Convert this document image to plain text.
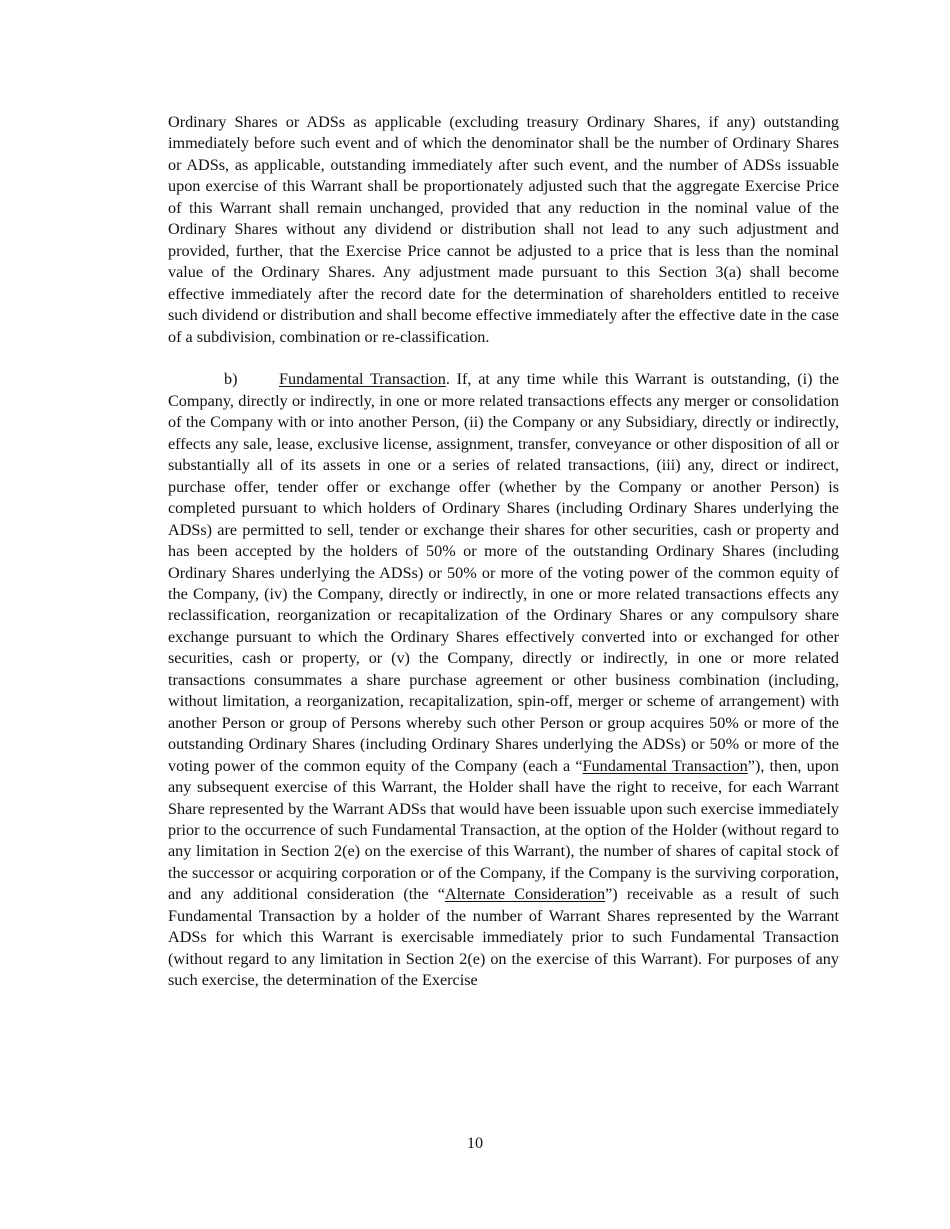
Ordinary Shares or ADSs as applicable (excluding treasury Ordinary Shares, if any) outstanding immediately before such event and of which the denominator shall be the number of Ordinary Shares or ADSs, as applicable, outstanding immediately after such event, and the number of ADSs issuable upon exercise of this Warrant shall be proportionately adjusted such that the aggregate Exercise Price of this Warrant shall remain unchanged, provided that any reduction in the nominal value of the Ordinary Shares without any dividend or distribution shall not lead to any such adjustment and provided, further, that the Exercise Price cannot be adjusted to a price that is less than the nominal value of the Ordinary Shares. Any adjustment made pursuant to this Section 3(a) shall become effective immediately after the record date for the determination of shareholders entitled to receive such dividend or distribution and shall become effective immediately after the effective date in the case of a subdivision, combination or re-classification.

b)	Fundamental Transaction. If, at any time while this Warrant is outstanding, (i) the Company, directly or indirectly, in one or more related transactions effects any merger or consolidation of the Company with or into another Person, (ii) the Company or any Subsidiary, directly or indirectly, effects any sale, lease, exclusive license, assignment, transfer, conveyance or other disposition of all or substantially all of its assets in one or a series of related transactions, (iii) any, direct or indirect, purchase offer, tender offer or exchange offer (whether by the Company or another Person) is completed pursuant to which holders of Ordinary Shares (including Ordinary Shares underlying the ADSs) are permitted to sell, tender or exchange their shares for other securities, cash or property and has been accepted by the holders of 50% or more of the outstanding Ordinary Shares (including Ordinary Shares underlying the ADSs) or 50% or more of the voting power of the common equity of the Company, (iv) the Company, directly or indirectly, in one or more related transactions effects any reclassification, reorganization or recapitalization of the Ordinary Shares or any compulsory share exchange pursuant to which the Ordinary Shares effectively converted into or exchanged for other securities, cash or property, or (v) the Company, directly or indirectly, in one or more related transactions consummates a share purchase agreement or other business combination (including, without limitation, a reorganization, recapitalization, spin-off, merger or scheme of arrangement) with another Person or group of Persons whereby such other Person or group acquires 50% or more of the outstanding Ordinary Shares (including Ordinary Shares underlying the ADSs) or 50% or more of the voting power of the common equity of the Company (each a “Fundamental Transaction”), then, upon any subsequent exercise of this Warrant, the Holder shall have the right to receive, for each Warrant Share represented by the Warrant ADSs that would have been issuable upon such exercise immediately prior to the occurrence of such Fundamental Transaction, at the option of the Holder (without regard to any limitation in Section 2(e) on the exercise of this Warrant), the number of shares of capital stock of the successor or acquiring corporation or of the Company, if the Company is the surviving corporation, and any additional consideration (the “Alternate Consideration”) receivable as a result of such Fundamental Transaction by a holder of the number of Warrant Shares represented by the Warrant ADSs for which this Warrant is exercisable immediately prior to such Fundamental Transaction (without regard to any limitation in Section 2(e) on the exercise of this Warrant). For purposes of any such exercise, the determination of the Exercise

10
